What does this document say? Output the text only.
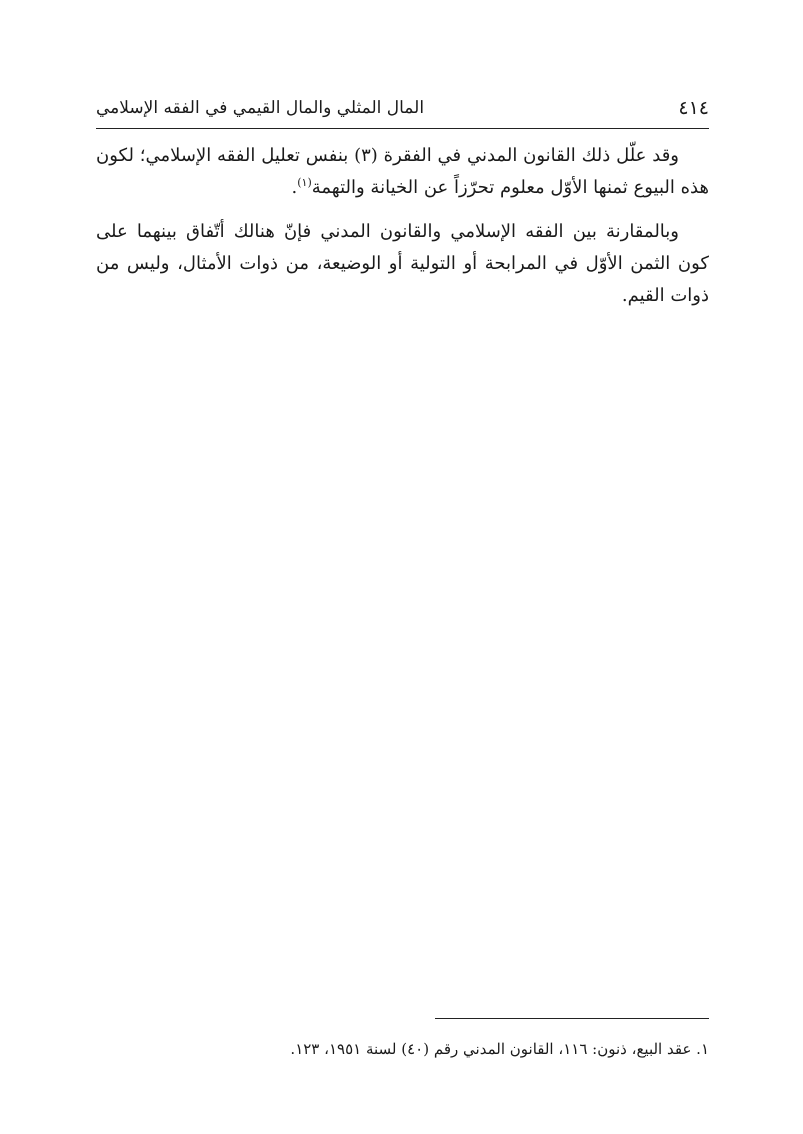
٤١٤
المال المثلي والمال القيمي في الفقه الإسلامي

وقد علّل ذلك القانون المدني في الفقرة (٣) بنفس تعليل الفقه الإسلامي؛ لكون هذه البيوع ثمنها الأوّل معلوم تحرّزاً عن الخيانة والتهمة$^{(١)}$.

وبالمقارنة بين الفقه الإسلامي والقانون المدني فإنّ هنالك أتّفاق بينهما على كون الثمن الأوّل في المرابحة أو التولية أو الوضيعة، من ذوات الأمثال، وليس من ذوات القيم.

١. عقد البيع، ذنون: ١١٦، القانون المدني رقم (٤٠) لسنة ١٩٥١، ١٢٣.
